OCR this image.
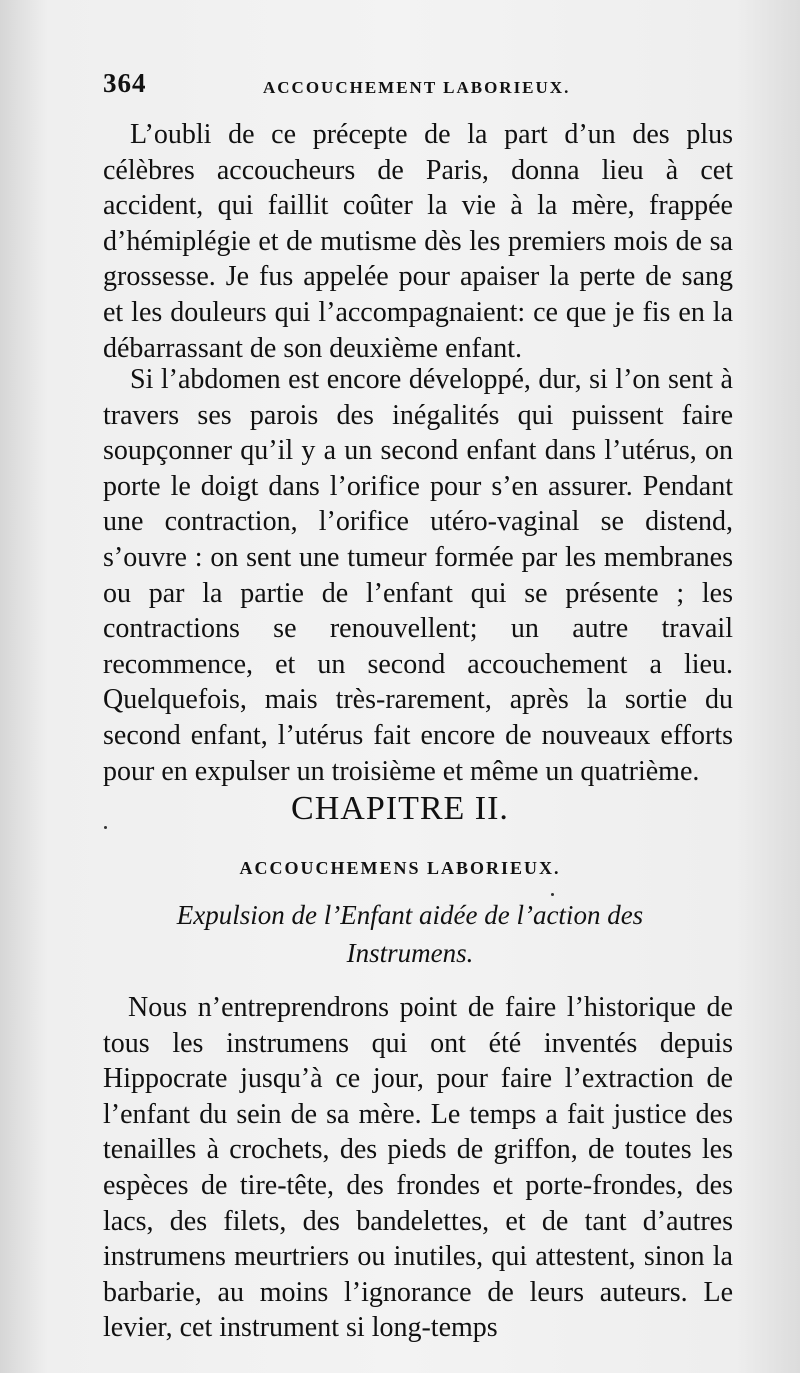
364	ACCOUCHEMENT LABORIEUX.

L’oubli de ce précepte de la part d’un des plus célèbres accoucheurs de Paris, donna lieu à cet accident, qui faillit coûter la vie à la mère, frappée d’hémiplégie et de mutisme dès les premiers mois de sa grossesse. Je fus appelée pour apaiser la perte de sang et les douleurs qui l’accompagnaient: ce que je fis en la débarrassant de son deuxième enfant.

Si l’abdomen est encore développé, dur, si l’on sent à travers ses parois des inégalités qui puissent faire soupçonner qu’il y a un second enfant dans l’utérus, on porte le doigt dans l’orifice pour s’en assurer. Pendant une contraction, l’orifice utéro-vaginal se distend, s’ouvre : on sent une tumeur formée par les membranes ou par la partie de l’enfant qui se présente ; les contractions se renouvellent; un autre travail recommence, et un second accouchement a lieu. Quelquefois, mais très-rarement, après la sortie du second enfant, l’utérus fait encore de nouveaux efforts pour en expulser un troisième et même un quatrième.

CHAPITRE II.
ACCOUCHEMENS LABORIEUX.
Expulsion de l’Enfant aidée de l’action des Instrumens.

Nous n’entreprendrons point de faire l’historique de tous les instrumens qui ont été inventés depuis Hippocrate jusqu’à ce jour, pour faire l’extraction de l’enfant du sein de sa mère. Le temps a fait justice des tenailles à crochets, des pieds de griffon, de toutes les espèces de tire-tête, des frondes et porte-frondes, des lacs, des filets, des bandelettes, et de tant d’autres instrumens meurtriers ou inutiles, qui attestent, sinon la barbarie, au moins l’ignorance de leurs auteurs. Le levier, cet instrument si long-temps
